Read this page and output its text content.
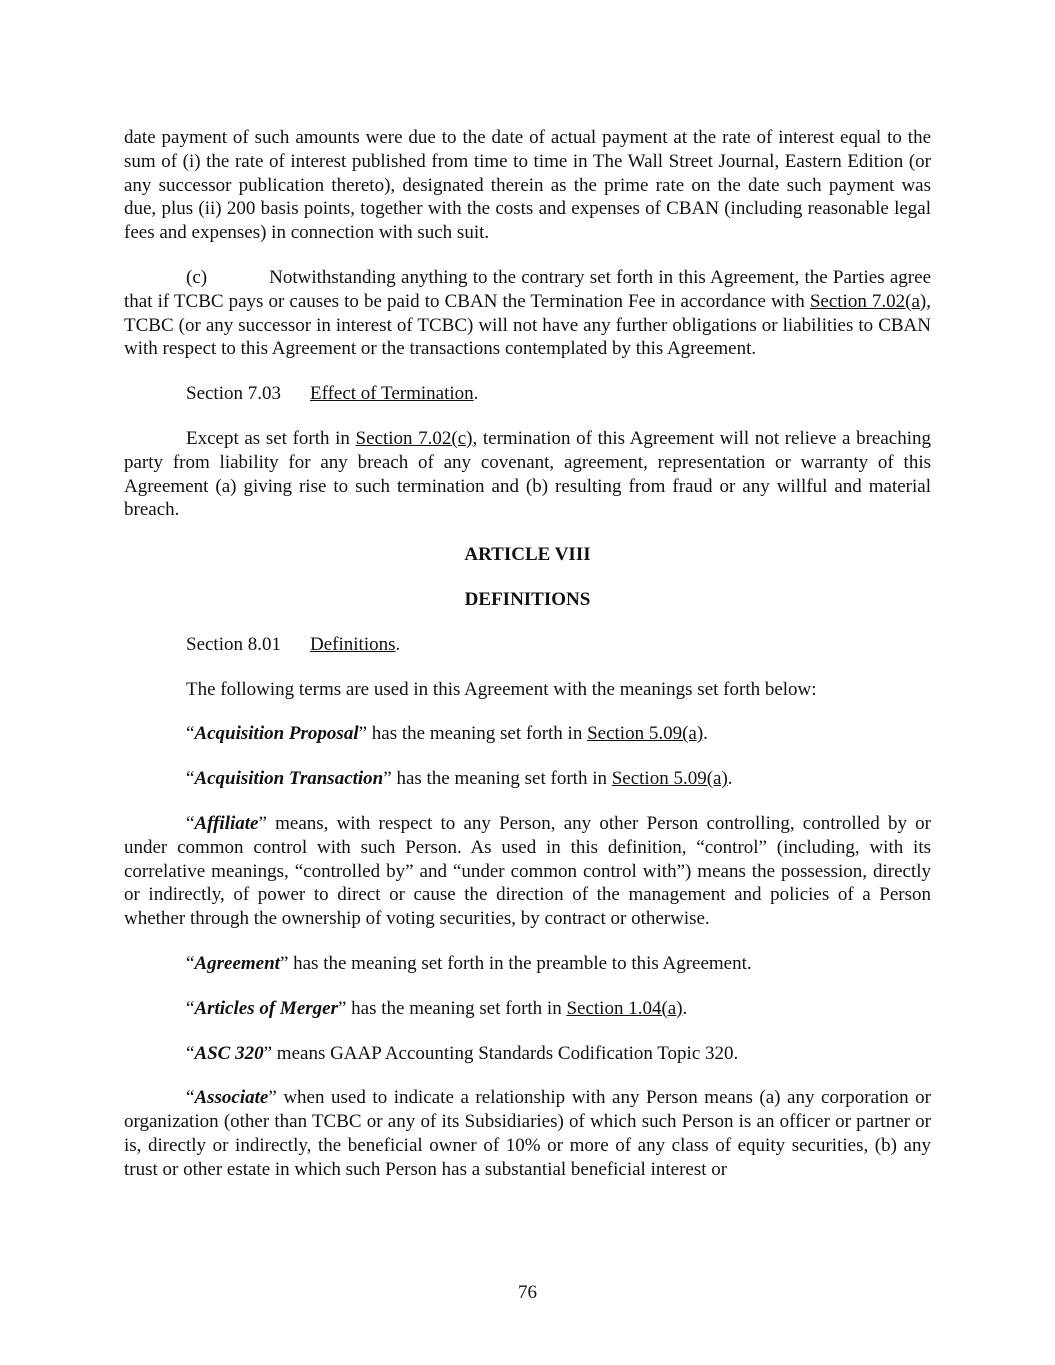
date payment of such amounts were due to the date of actual payment at the rate of interest equal to the sum of (i) the rate of interest published from time to time in The Wall Street Journal, Eastern Edition (or any successor publication thereto), designated therein as the prime rate on the date such payment was due, plus (ii) 200 basis points, together with the costs and expenses of CBAN (including reasonable legal fees and expenses) in connection with such suit.

(c)	Notwithstanding anything to the contrary set forth in this Agreement, the Parties agree that if TCBC pays or causes to be paid to CBAN the Termination Fee in accordance with Section 7.02(a), TCBC (or any successor in interest of TCBC) will not have any further obligations or liabilities to CBAN with respect to this Agreement or the transactions contemplated by this Agreement.

Section 7.03 Effect of Termination.

Except as set forth in Section 7.02(c), termination of this Agreement will not relieve a breaching party from liability for any breach of any covenant, agreement, representation or warranty of this Agreement (a) giving rise to such termination and (b) resulting from fraud or any willful and material breach.

ARTICLE VIII

DEFINITIONS

Section 8.01 Definitions.

The following terms are used in this Agreement with the meanings set forth below:

“Acquisition Proposal” has the meaning set forth in Section 5.09(a).

“Acquisition Transaction” has the meaning set forth in Section 5.09(a).

“Affiliate” means, with respect to any Person, any other Person controlling, controlled by or under common control with such Person. As used in this definition, “control” (including, with its correlative meanings, “controlled by” and “under common control with”) means the possession, directly or indirectly, of power to direct or cause the direction of the management and policies of a Person whether through the ownership of voting securities, by contract or otherwise.

“Agreement” has the meaning set forth in the preamble to this Agreement.

“Articles of Merger” has the meaning set forth in Section 1.04(a).

“ASC 320” means GAAP Accounting Standards Codification Topic 320.

“Associate” when used to indicate a relationship with any Person means (a) any corporation or organization (other than TCBC or any of its Subsidiaries) of which such Person is an officer or partner or is, directly or indirectly, the beneficial owner of 10% or more of any class of equity securities, (b) any trust or other estate in which such Person has a substantial beneficial interest or

76
